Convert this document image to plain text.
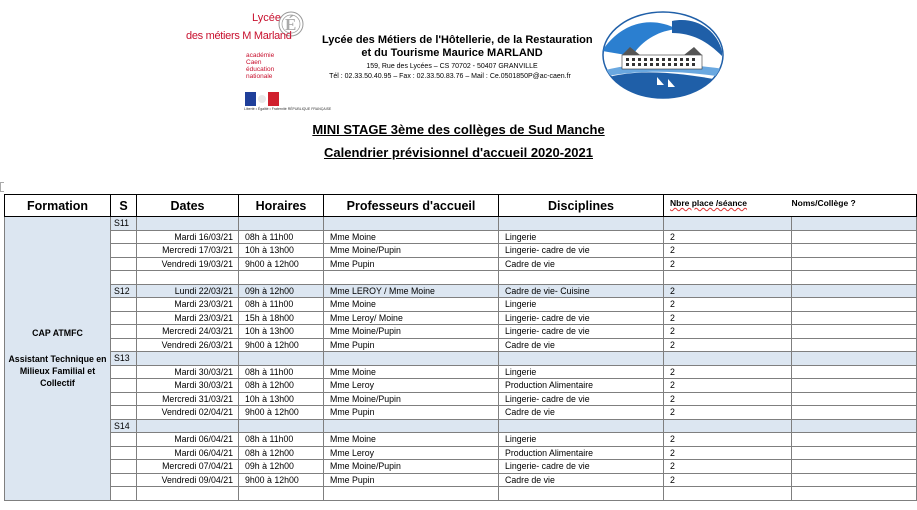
Lycée É
des métiers M Marland
académie
Caen
éducation
nationale
Liberté • Égalité • Fraternité RÉPUBLIQUE FRANÇAISE
Lycée des Métiers de l'Hôtellerie, de la Restauration
et du Tourisme Maurice MARLAND
159, Rue des Lycées – CS 70702 - 50407 GRANVILLE
Tél : 02.33.50.40.95 – Fax : 02.33.50.83.76 – Mail : Ce.0501850P@ac-caen.fr
MINI STAGE 3ème des collèges de Sud Manche
Calendrier prévisionnel d'accueil 2020-2021
Formation	S	Dates	Horaires	Professeurs d'accueil	Disciplines	Nbre place /séance	Noms/Collège ?

CAP ATMFC
Assistant Technique en Milieux Familial et Collectif	S11						
		Mardi 16/03/21	08h à 11h00	Mme Moine	Lingerie	2	
		Mercredi 17/03/21	10h à 13h00	Mme Moine/Pupin	Lingerie- cadre de vie	2	
		Vendredi 19/03/21	9h00 à 12h00	Mme Pupin	Cadre de vie	2	

	S12	Lundi 22/03/21	09h à 12h00	Mme LEROY / Mme Moine	Cadre de vie- Cuisine	2	
		Mardi 23/03/21	08h à 11h00	Mme Moine	Lingerie	2	
		Mardi 23/03/21	15h à 18h00	Mme Leroy/ Moine	Lingerie- cadre de vie	2	
		Mercredi 24/03/21	10h à 13h00	Mme Moine/Pupin	Lingerie- cadre de vie	2	
		Vendredi 26/03/21	9h00 à 12h00	Mme Pupin	Cadre de vie	2	
	S13						
		Mardi 30/03/21	08h à 11h00	Mme Moine	Lingerie	2	
		Mardi 30/03/21	08h à 12h00	Mme Leroy	Production Alimentaire	2	
		Mercredi 31/03/21	10h à 13h00	Mme Moine/Pupin	Lingerie- cadre de vie	2	
		Vendredi 02/04/21	9h00 à 12h00	Mme Pupin	Cadre de vie	2	
	S14						
		Mardi 06/04/21	08h à 11h00	Mme Moine	Lingerie	2	
		Mardi 06/04/21	08h à 12h00	Mme Leroy	Production Alimentaire	2	
		Mercredi 07/04/21	09h à 12h00	Mme Moine/Pupin	Lingerie- cadre de vie	2	
		Vendredi 09/04/21	9h00 à 12h00	Mme Pupin	Cadre de vie	2	
